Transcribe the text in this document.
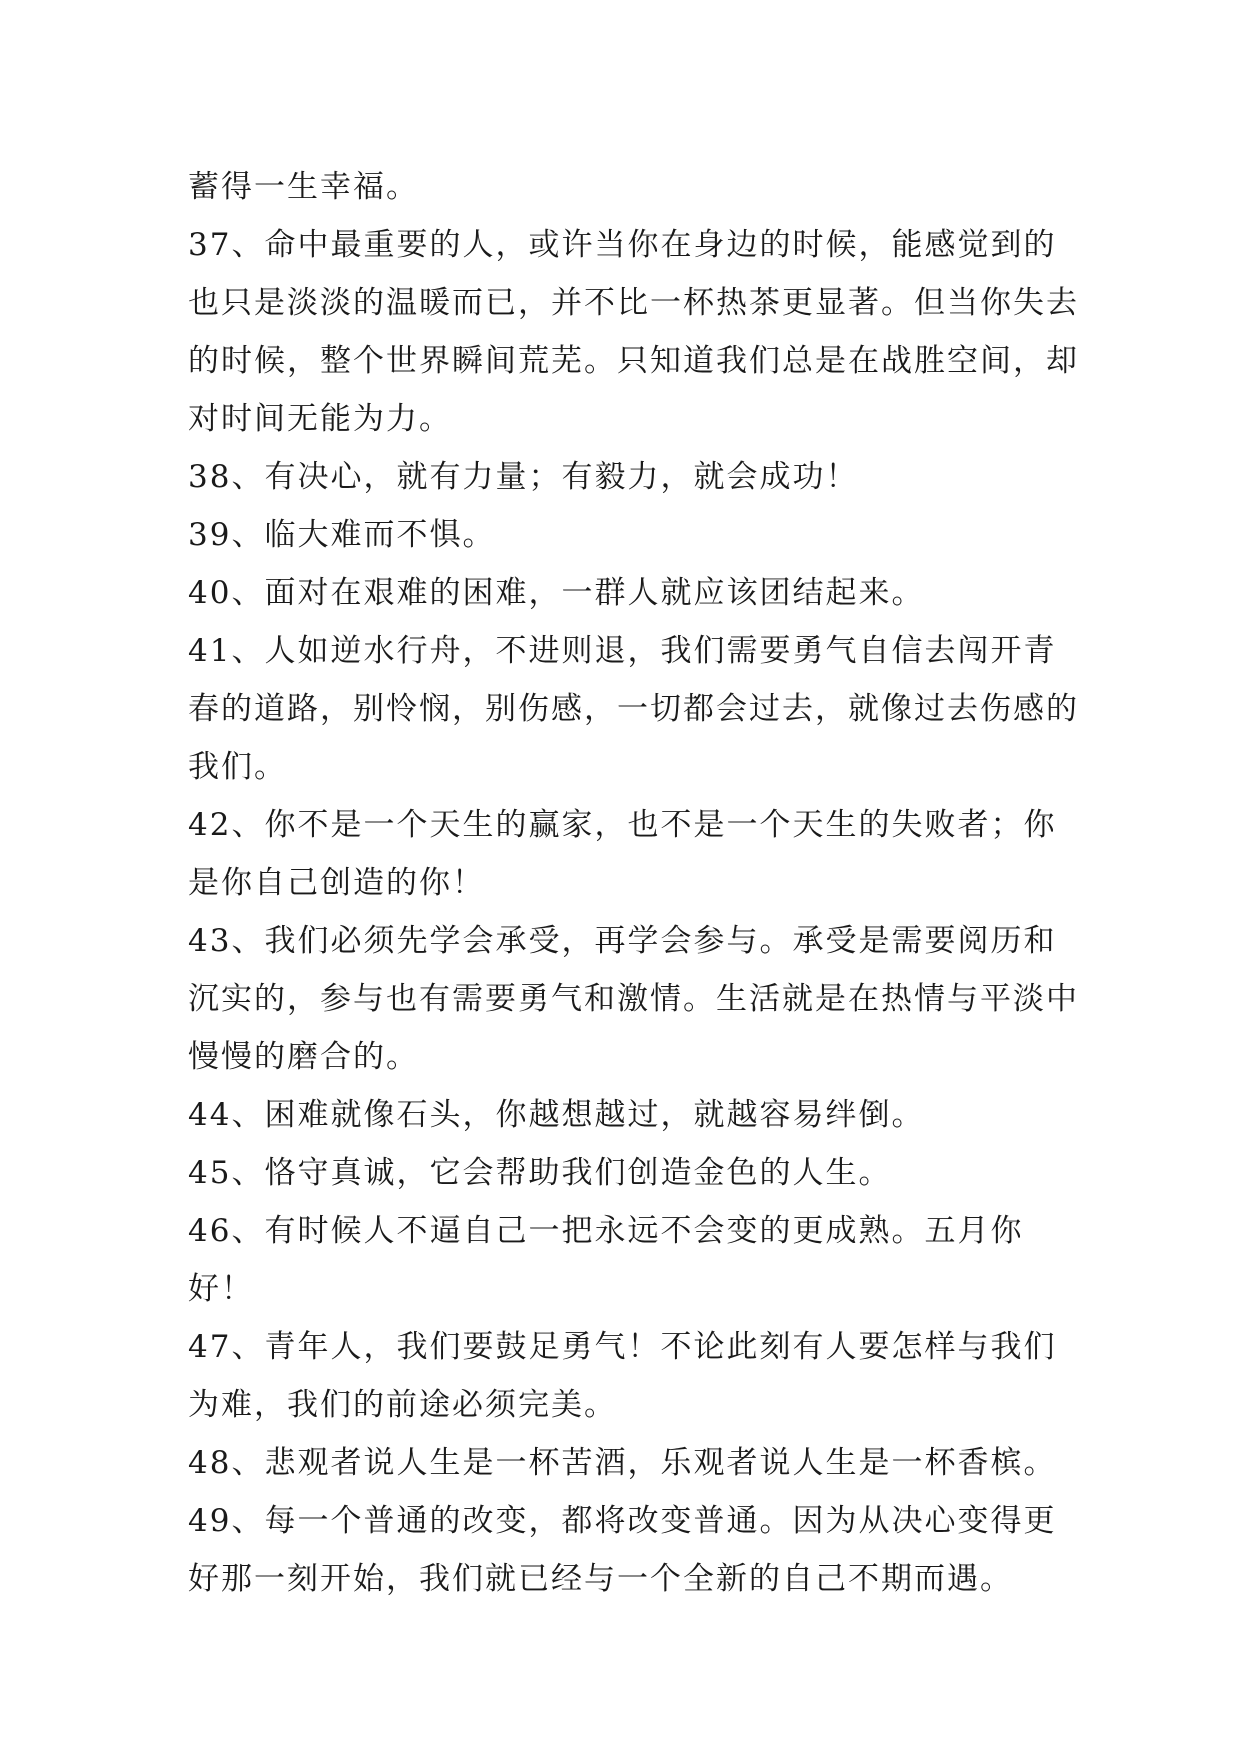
蓄得一生幸福。

37、命中最重要的人，或许当你在身边的时候，能感觉到的也只是淡淡的温暖而已，并不比一杯热茶更显著。但当你失去的时候，整个世界瞬间荒芜。只知道我们总是在战胜空间，却对时间无能为力。

38、有决心，就有力量；有毅力，就会成功！

39、临大难而不惧。

40、面对在艰难的困难，一群人就应该团结起来。

41、人如逆水行舟，不进则退，我们需要勇气自信去闯开青春的道路，别怜悯，别伤感，一切都会过去，就像过去伤感的我们。

42、你不是一个天生的赢家，也不是一个天生的失败者；你是你自己创造的你！

43、我们必须先学会承受，再学会参与。承受是需要阅历和沉实的，参与也有需要勇气和激情。生活就是在热情与平淡中慢慢的磨合的。

44、困难就像石头，你越想越过，就越容易绊倒。

45、恪守真诚，它会帮助我们创造金色的人生。

46、有时候人不逼自己一把永远不会变的更成熟。五月你好！

47、青年人，我们要鼓足勇气！不论此刻有人要怎样与我们为难，我们的前途必须完美。

48、悲观者说人生是一杯苦酒，乐观者说人生是一杯香槟。

49、每一个普通的改变，都将改变普通。因为从决心变得更好那一刻开始，我们就已经与一个全新的自己不期而遇。
